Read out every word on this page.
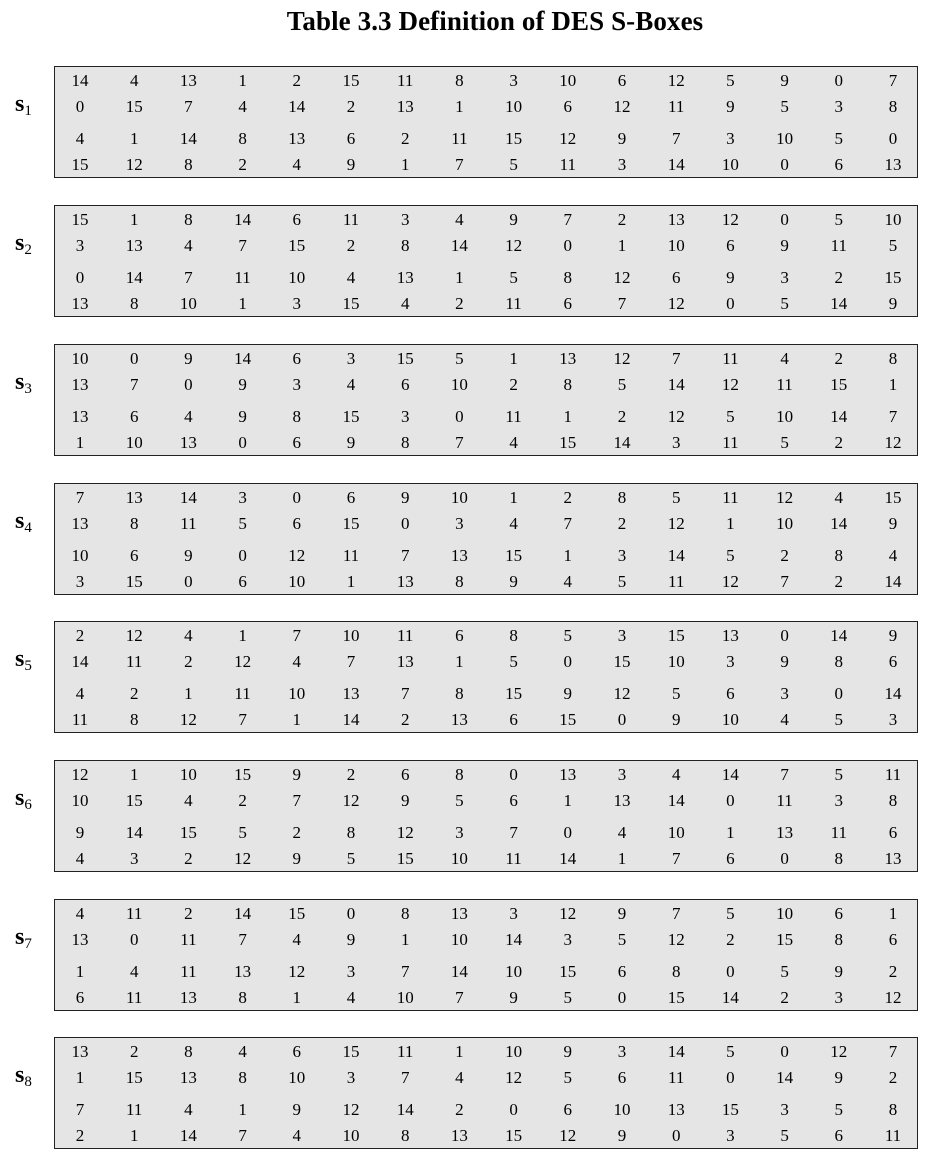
Table 3.3 Definition of DES S-Boxes
$s_1$
14	4	13	1	2	15	11	8	3	10	6	12	5	9	0	7
0	15	7	4	14	2	13	1	10	6	12	11	9	5	3	8
4	1	14	8	13	6	2	11	15	12	9	7	3	10	5	0
15	12	8	2	4	9	1	7	5	11	3	14	10	0	6	13
$s_2$
15	1	8	14	6	11	3	4	9	7	2	13	12	0	5	10
3	13	4	7	15	2	8	14	12	0	1	10	6	9	11	5
0	14	7	11	10	4	13	1	5	8	12	6	9	3	2	15
13	8	10	1	3	15	4	2	11	6	7	12	0	5	14	9
$s_3$
10	0	9	14	6	3	15	5	1	13	12	7	11	4	2	8
13	7	0	9	3	4	6	10	2	8	5	14	12	11	15	1
13	6	4	9	8	15	3	0	11	1	2	12	5	10	14	7
1	10	13	0	6	9	8	7	4	15	14	3	11	5	2	12
$s_4$
7	13	14	3	0	6	9	10	1	2	8	5	11	12	4	15
13	8	11	5	6	15	0	3	4	7	2	12	1	10	14	9
10	6	9	0	12	11	7	13	15	1	3	14	5	2	8	4
3	15	0	6	10	1	13	8	9	4	5	11	12	7	2	14
$s_5$
2	12	4	1	7	10	11	6	8	5	3	15	13	0	14	9
14	11	2	12	4	7	13	1	5	0	15	10	3	9	8	6
4	2	1	11	10	13	7	8	15	9	12	5	6	3	0	14
11	8	12	7	1	14	2	13	6	15	0	9	10	4	5	3
$s_6$
12	1	10	15	9	2	6	8	0	13	3	4	14	7	5	11
10	15	4	2	7	12	9	5	6	1	13	14	0	11	3	8
9	14	15	5	2	8	12	3	7	0	4	10	1	13	11	6
4	3	2	12	9	5	15	10	11	14	1	7	6	0	8	13
$s_7$
4	11	2	14	15	0	8	13	3	12	9	7	5	10	6	1
13	0	11	7	4	9	1	10	14	3	5	12	2	15	8	6
1	4	11	13	12	3	7	14	10	15	6	8	0	5	9	2
6	11	13	8	1	4	10	7	9	5	0	15	14	2	3	12
$s_8$
13	2	8	4	6	15	11	1	10	9	3	14	5	0	12	7
1	15	13	8	10	3	7	4	12	5	6	11	0	14	9	2
7	11	4	1	9	12	14	2	0	6	10	13	15	3	5	8
2	1	14	7	4	10	8	13	15	12	9	0	3	5	6	11
